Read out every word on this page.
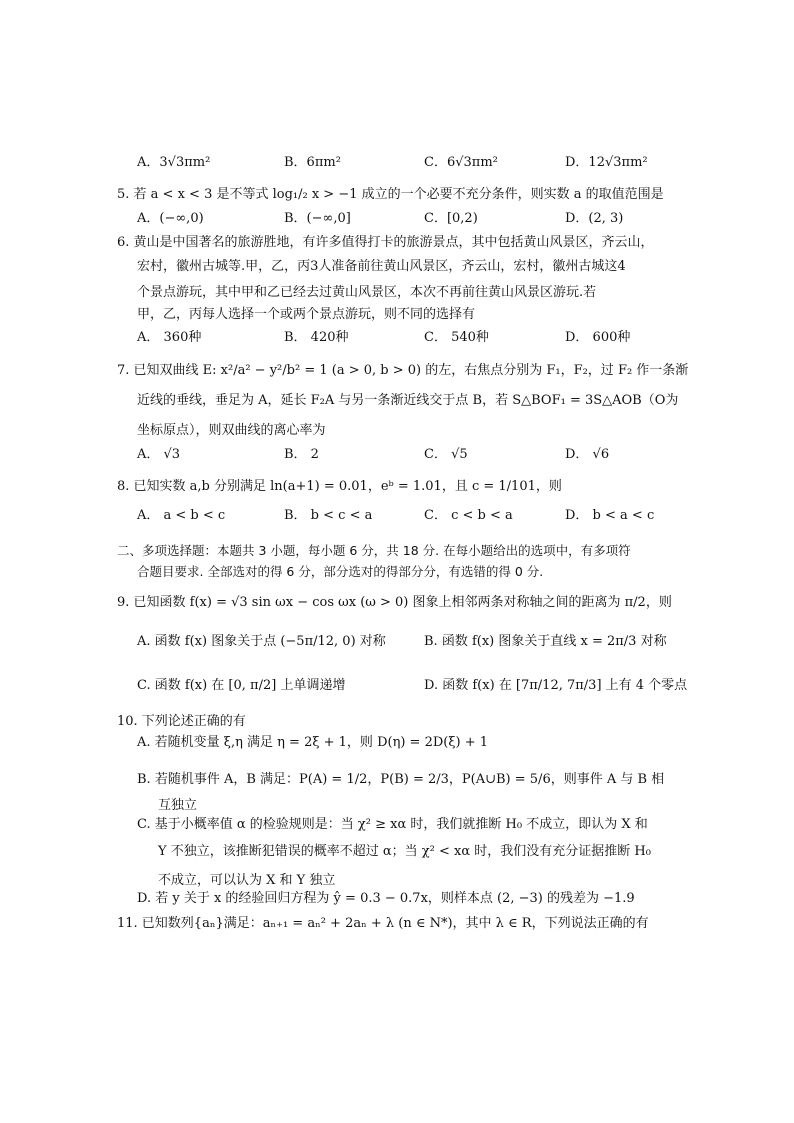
A．3√3πm²	B．6πm²	C．6√3πm²	D．12√3πm²
5. 若 a < x < 3 是不等式 log₁/₂ x > −1 成立的一个必要不充分条件，则实数 a 的取值范围是
A．(−∞,0)	B．(−∞,0]	C．[0,2)	D．(2, 3)
6. 黄山是中国著名的旅游胜地，有许多值得打卡的旅游景点，其中包括黄山风景区，齐云山，
宏村，徽州古城等.甲，乙，丙3人准备前往黄山风景区，齐云山，宏村，徽州古城这4
个景点游玩，其中甲和乙已经去过黄山风景区，本次不再前往黄山风景区游玩.若
甲，乙，丙每人选择一个或两个景点游玩，则不同的选择有
A． 360种	B． 420种	C． 540种	D． 600种
7. 已知双曲线 E: x²/a² − y²/b² = 1 (a > 0, b > 0) 的左，右焦点分别为 F₁，F₂，过 F₂ 作一条渐
近线的垂线，垂足为 A，延长 F₂A 与另一条渐近线交于点 B，若 S△BOF₁ = 3S△AOB（O为
坐标原点），则双曲线的离心率为
A． √3	B． 2	C． √5	D． √6
8. 已知实数 a,b 分别满足 ln(a+1) = 0.01，eᵇ = 1.01，且 c = 1/101，则
A． a < b < c	B． b < c < a	C． c < b < a	D． b < a < c
二、多项选择题：本题共 3 小题，每小题 6 分，共 18 分. 在每小题给出的选项中，有多项符
合题目要求. 全部选对的得 6 分，部分选对的得部分分，有选错的得 0 分.
9. 已知函数 f(x) = √3 sin ωx − cos ωx (ω > 0) 图象上相邻两条对称轴之间的距离为 π/2，则
A. 函数 f(x) 图象关于点 (−5π/12, 0) 对称	B. 函数 f(x) 图象关于直线 x = 2π/3 对称
C. 函数 f(x) 在 [0, π/2] 上单调递增	D. 函数 f(x) 在 [7π/12, 7π/3] 上有 4 个零点
10. 下列论述正确的有
A. 若随机变量 ξ,η 满足 η = 2ξ + 1，则 D(η) = 2D(ξ) + 1
B. 若随机事件 A，B 满足：P(A) = 1/2，P(B) = 2/3，P(A∪B) = 5/6，则事件 A 与 B 相
互独立
C. 基于小概率值 α 的检验规则是：当 χ² ≥ xα 时，我们就推断 H₀ 不成立，即认为 X 和
Y 不独立，该推断犯错误的概率不超过 α；当 χ² < xα 时，我们没有充分证据推断 H₀
不成立，可以认为 X 和 Y 独立
D. 若 y 关于 x 的经验回归方程为 ŷ = 0.3 − 0.7x，则样本点 (2, −3) 的残差为 −1.9
11. 已知数列{aₙ}满足：aₙ₊₁ = aₙ² + 2aₙ + λ (n ∈ N*)，其中 λ ∈ R，下列说法正确的有
